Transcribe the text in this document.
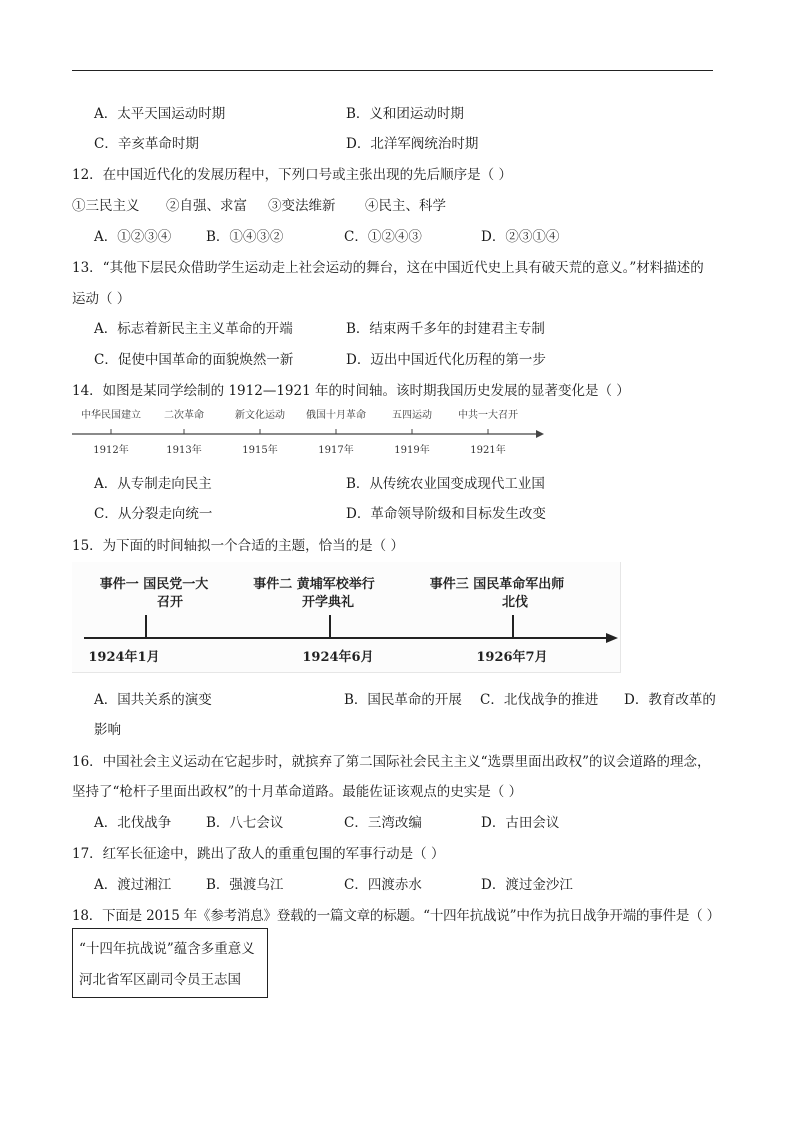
A．太平天国运动时期	B．义和团运动时期
C．辛亥革命时期	D．北洋军阀统治时期
12．在中国近代化的发展历程中，下列口号或主张出现的先后顺序是（ ）
①三民主义 ②自强、求富 ③变法维新 ④民主、科学
A．①②③④	B．①④③②	C．①②④③	D．②③①④
13．“其他下层民众借助学生运动走上社会运动的舞台，这在中国近代史上具有破天荒的意义。”材料描述的
运动（ ）
A．标志着新民主主义革命的开端	B．结束两千多年的封建君主专制
C．促使中国革命的面貌焕然一新	D．迈出中国近代化历程的第一步
14．如图是某同学绘制的 1912—1921 年的时间轴。该时期我国历史发展的显著变化是（ ）
中华民国建立 二次革命	新文化运动 俄国十月革命	五四运动	中共一大召开
1912年	1913年	1915年	1917年	1919年	1921年
A．从专制走向民主	B．从传统农业国变成现代工业国
C．从分裂走向统一	D．革命领导阶级和目标发生改变
15．为下面的时间轴拟一个合适的主题，恰当的是（ ）
事件一 国民党一大
召开
事件二 黄埔军校举行
开学典礼
事件三 国民革命军出师
北伐
1924年1月	1924年6月	1926年7月
A．国共关系的演变	B．国民革命的开展 C．北伐战争的推进 D．教育改革的
影响
16．中国社会主义运动在它起步时，就摈弃了第二国际社会民主主义“选票里面出政权”的议会道路的理念，
坚持了“枪杆子里面出政权”的十月革命道路。最能佐证该观点的史实是（ ）
A．北伐战争	B．八七会议	C．三湾改编	D．古田会议
17．红军长征途中，跳出了敌人的重重包围的军事行动是（ ）
A．渡过湘江	B．强渡乌江	C．四渡赤水	D．渡过金沙江
18．下面是 2015 年《参考消息》登载的一篇文章的标题。“十四年抗战说”中作为抗日战争开端的事件是（ ）
“十四年抗战说”蕴含多重意义
河北省军区副司令员王志国
